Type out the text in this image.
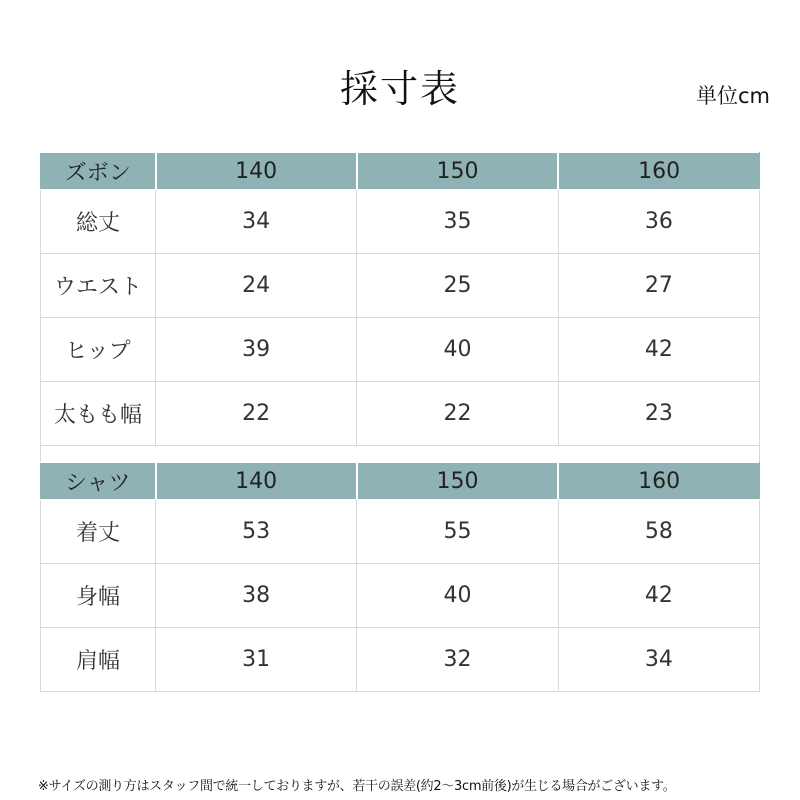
採寸表	単位cm
ズボン	140	150	160
総丈	34	35	36
ウエスト	24	25	27
ヒップ	39	40	42
太もも幅	22	22	23
シャツ	140	150	160
着丈	53	55	58
身幅	38	40	42
肩幅	31	32	34
※サイズの測り方はスタッフ間で統一しておりますが、若干の誤差(約2～3cm前後)が生じる場合がございます。
